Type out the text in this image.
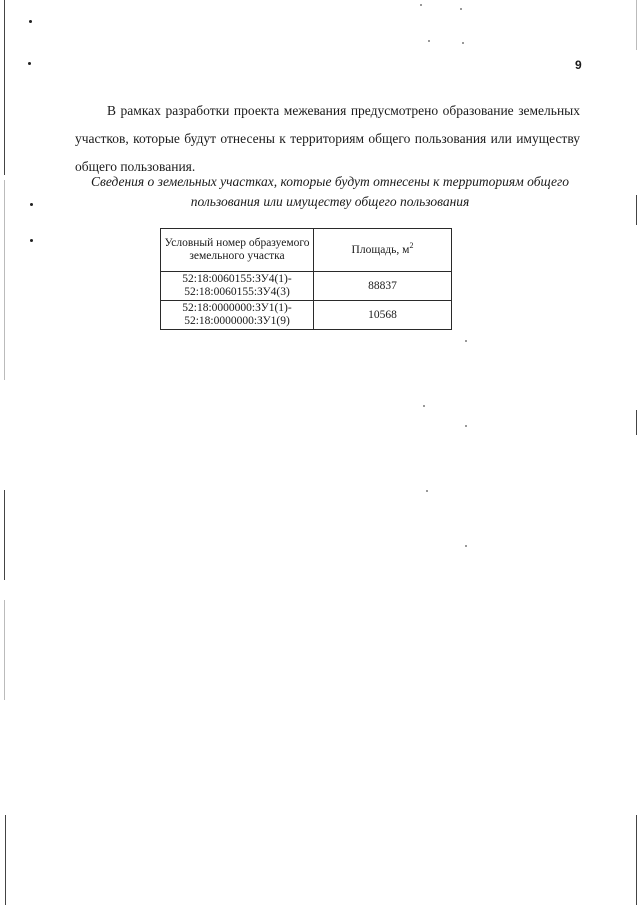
9

В рамках разработки проекта межевания предусмотрено образование земельных участков, которые будут отнесены к территориям общего пользования или имуществу общего пользования.

Сведения о земельных участках, которые будут отнесены к территориям общего пользования или имуществу общего пользования
Условный номер образуемого земельного участка	Площадь, $м^2$
52:18:0060155:ЗУ4(1)-
52:18:0060155:ЗУ4(3)	88837
52:18:0000000:ЗУ1(1)-
52:18:0000000:ЗУ1(9)	10568
